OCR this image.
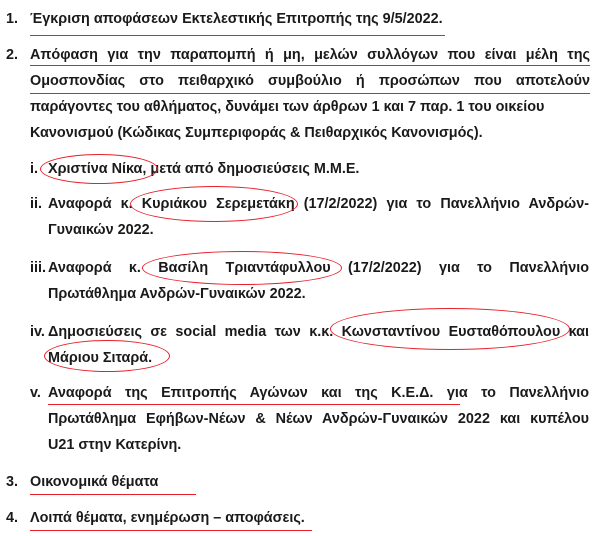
1. Έγκριση αποφάσεων Εκτελεστικής Επιτροπής της 9/5/2022.
2. Απόφαση για την παραπομπή ή μη, μελών συλλόγων που είναι μέλη της
Ομοσπονδίας στο πειθαρχικό συμβούλιο ή προσώπων που αποτελούν
παράγοντες του αθλήματος, δυνάμει των άρθρων 1 και 7 παρ. 1 του οικείου
Κανονισμού (Κώδικας Συμπεριφοράς & Πειθαρχικός Κανονισμός).
i. Χριστίνα Νίκα, μετά από δημοσιεύσεις Μ.Μ.Ε.
ii. Αναφορά κ. Κυριάκου Σερεμετάκη (17/2/2022) για το Πανελλήνιο Ανδρών-
Γυναικών 2022.
iii. Αναφορά κ. Βασίλη Τριαντάφυλλου (17/2/2022) για το Πανελλήνιο
Πρωτάθλημα Ανδρών-Γυναικών 2022.
iv. Δημοσιεύσεις σε social media των κ.κ. Κωνσταντίνου Ευσταθόπουλου και
Μάριου Σιταρά.
v. Αναφορά της Επιτροπής Αγώνων και της Κ.Ε.Δ. για το Πανελλήνιο
Πρωτάθλημα Εφήβων-Νέων & Νέων Ανδρών-Γυναικών 2022 και κυπέλου
U21 στην Κατερίνη.
3. Οικονομικά θέματα
4. Λοιπά θέματα, ενημέρωση – αποφάσεις.
